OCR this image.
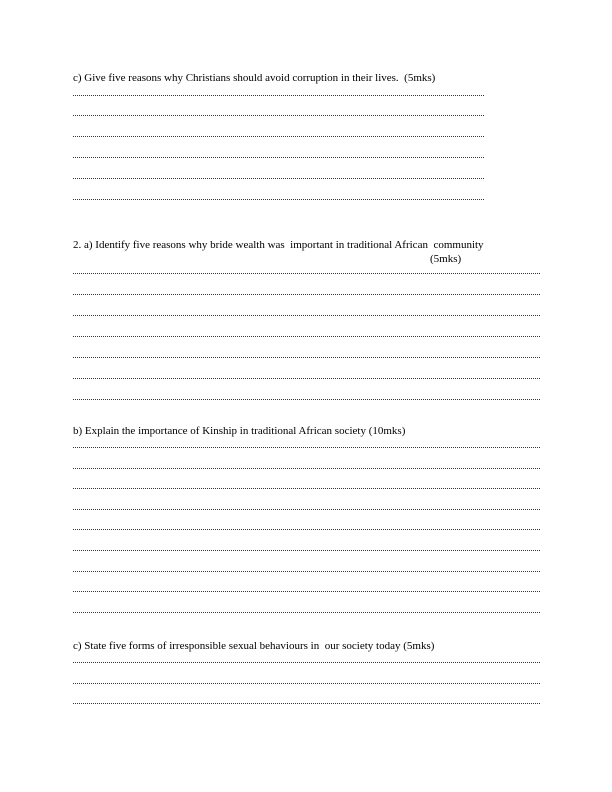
c) Give five reasons why Christians should avoid corruption in their lives.  (5mks)
2. a) Identify five reasons why bride wealth was  important in traditional African  community
(5mks)
b) Explain the importance of Kinship in traditional African society (10mks)
c) State five forms of irresponsible sexual behaviours in  our society today (5mks)
